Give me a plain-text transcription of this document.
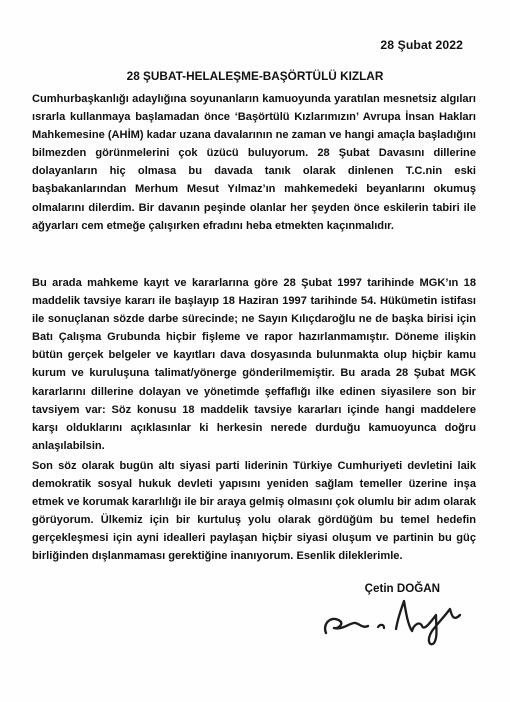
28 Şubat 2022
28 ŞUBAT-HELALEŞME-BAŞÖRTÜLÜ KIZLAR

Cumhurbaşkanlığı adaylığına soyunanların kamuoyunda yaratılan mesnetsiz algıları ısrarla kullanmaya başlamadan önce ‘Başörtülü Kızlarımızın’ Avrupa İnsan Hakları Mahkemesine (AHİM) kadar uzana davalarının ne zaman ve hangi amaçla başladığını bilmezden görünmelerini çok üzücü buluyorum. 28 Şubat Davasını dillerine dolayanların hiç olmasa bu davada tanık olarak dinlenen T.C.nin eski başbakanlarından Merhum Mesut Yılmaz’ın mahkemedeki beyanlarını okumuş olmalarını dilerdim. Bir davanın peşinde olanlar her şeyden önce eskilerin tabiri ile ağyarları cem etmeğe çalışırken efradını heba etmekten kaçınmalıdır.

Bu arada mahkeme kayıt ve kararlarına göre 28 Şubat 1997 tarihinde MGK’ın 18 maddelik tavsiye kararı ile başlayıp 18 Haziran 1997 tarihinde 54. Hükümetin istifası ile sonuçlanan sözde darbe sürecinde; ne Sayın Kılıçdaroğlu ne de başka birisi için Batı Çalışma Grubunda hiçbir fişleme ve rapor hazırlanmamıştır. Döneme ilişkin bütün gerçek belgeler ve kayıtları dava dosyasında bulunmakta olup hiçbir kamu kurum ve kuruluşuna talimat/yönerge gönderilmemiştir. Bu arada 28 Şubat MGK kararlarını dillerine dolayan ve yönetimde şeffaflığı ilke edinen siyasilere son bir tavsiyem var: Söz konusu 18 maddelik tavsiye kararları içinde hangi maddelere karşı olduklarını açıklasınlar ki herkesin nerede durduğu kamuoyunca doğru anlaşılabilsin.

Son söz olarak bugün altı siyasi parti liderinin Türkiye Cumhuriyeti devletini laik demokratik sosyal hukuk devleti yapısını yeniden sağlam temeller üzerine inşa etmek ve korumak kararlılığı ile bir araya gelmiş olmasını çok olumlu bir adım olarak görüyorum. Ülkemiz için bir kurtuluş yolu olarak gördüğüm bu temel hedefin gerçekleşmesi için ayni idealleri paylaşan hiçbir siyasi oluşum ve partinin bu güç birliğinden dışlanmaması gerektiğine inanıyorum. Esenlik dileklerimle.

Çetin DOĞAN
